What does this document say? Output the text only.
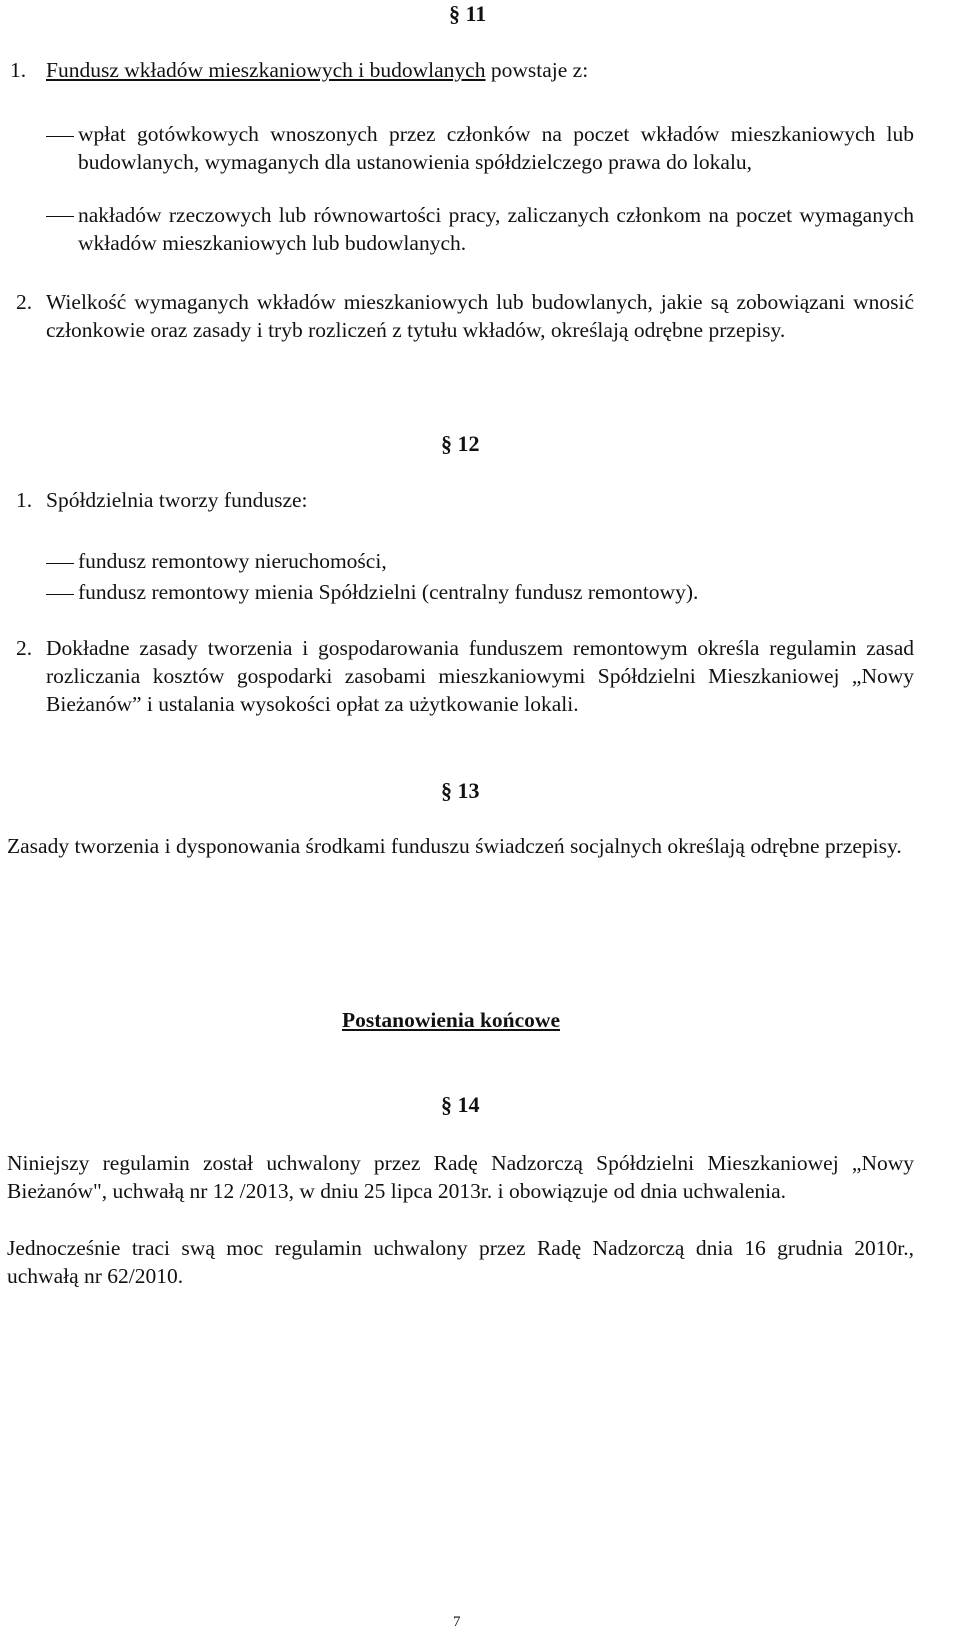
§ 11
1. Fundusz wkładów mieszkaniowych i budowlanych powstaje z:
wpłat gotówkowych wnoszonych przez członków na poczet wkładów mieszkaniowych lub budowlanych, wymaganych dla ustanowienia spółdzielczego prawa do lokalu,
nakładów rzeczowych lub równowartości pracy, zaliczanych członkom na poczet wymaganych wkładów mieszkaniowych lub budowlanych.
2. Wielkość wymaganych wkładów mieszkaniowych lub budowlanych, jakie są zobowiązani wnosić członkowie oraz zasady i tryb rozliczeń z tytułu wkładów, określają odrębne przepisy.
§ 12
1. Spółdzielnia tworzy fundusze:
fundusz remontowy nieruchomości,
fundusz remontowy mienia Spółdzielni (centralny fundusz remontowy).
2. Dokładne zasady tworzenia i gospodarowania funduszem remontowym określa regulamin zasad rozliczania kosztów gospodarki zasobami mieszkaniowymi Spółdzielni Mieszkaniowej „Nowy Bieżanów” i ustalania wysokości opłat za użytkowanie lokali.
§ 13
Zasady tworzenia i dysponowania środkami funduszu świadczeń socjalnych określają odrębne przepisy.
Postanowienia końcowe
§ 14
Niniejszy regulamin został uchwalony przez Radę Nadzorczą Spółdzielni Mieszkaniowej „Nowy Bieżanów", uchwałą nr 12 /2013, w dniu 25 lipca 2013r. i obowiązuje od dnia uchwalenia.
Jednocześnie traci swą moc regulamin uchwalony przez Radę Nadzorczą dnia 16 grudnia 2010r., uchwałą nr 62/2010.
7
